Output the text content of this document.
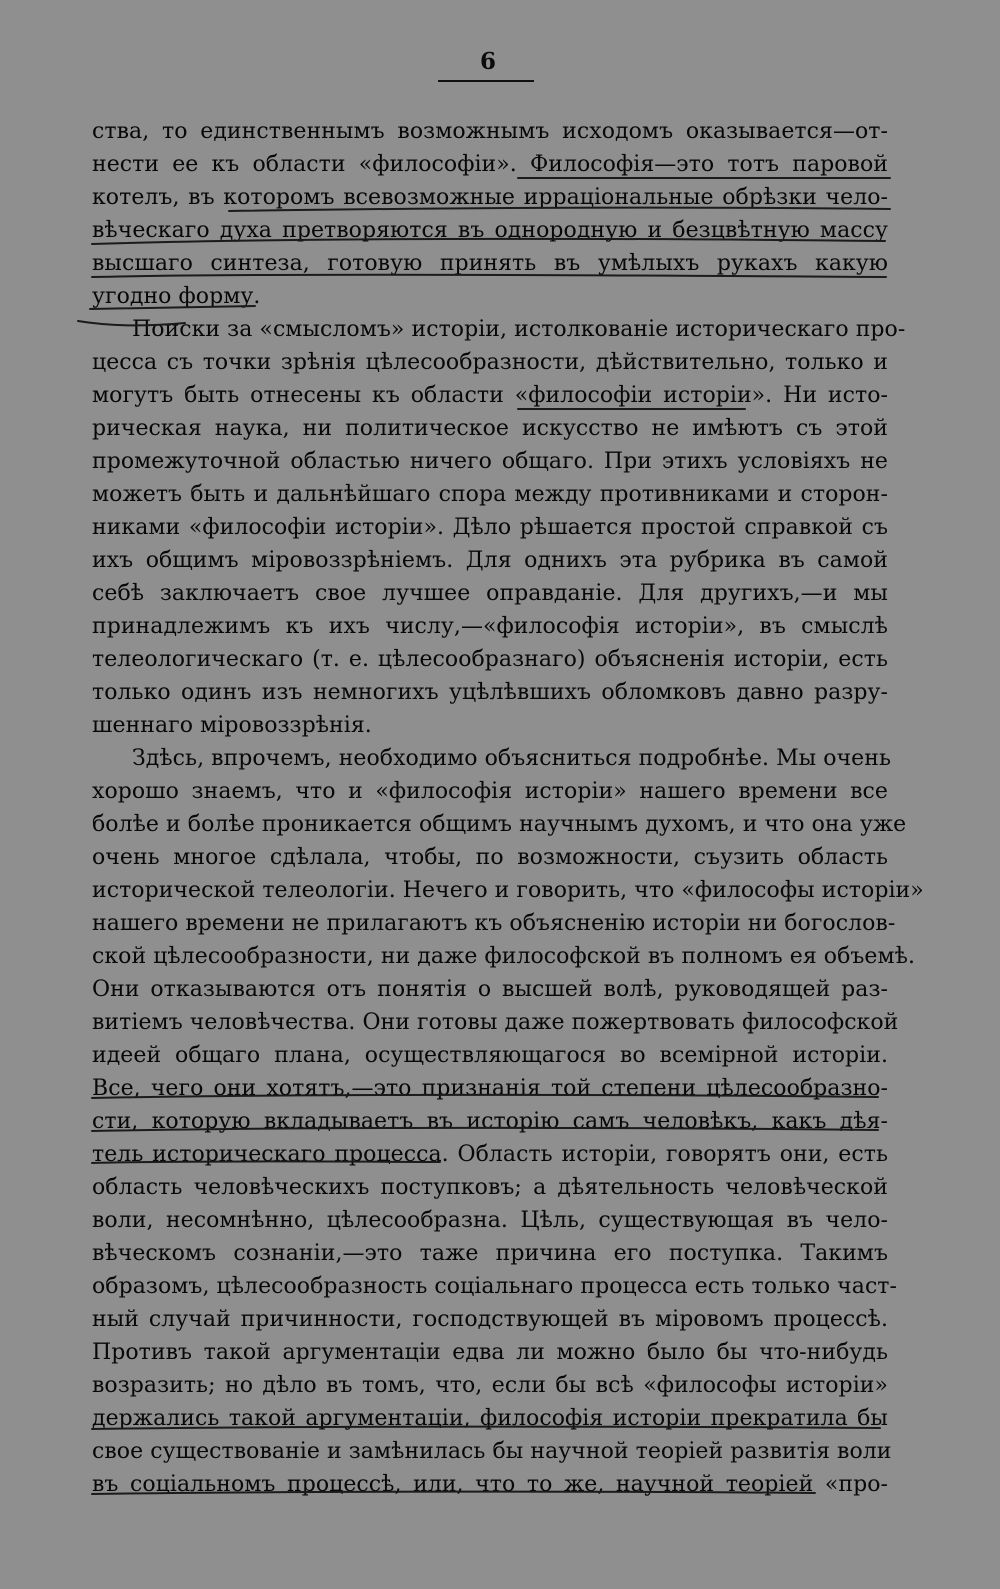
6
ства, то единственнымъ возможнымъ исходомъ оказывается—от-
нести ее къ области «философіи». Философія—это тотъ паровой
котелъ, въ которомъ всевозможные ирраціональные обрѣзки чело-
вѣческаго духа претворяются въ однородную и безцвѣтную массу
высшаго синтеза, готовую принять въ умѣлыхъ рукахъ какую
угодно форму.
Поиски за «смысломъ» исторіи, истолкованіе историческаго про-
цесса съ точки зрѣнія цѣлесообразности, дѣйствительно, только и
могутъ быть отнесены къ области «философіи исторіи». Ни исто-
рическая наука, ни политическое искусство не имѣютъ съ этой
промежуточной областью ничего общаго. При этихъ условіяхъ не
можетъ быть и дальнѣйшаго спора между противниками и сторон-
никами «философіи исторіи». Дѣло рѣшается простой справкой съ
ихъ общимъ міровоззрѣніемъ. Для однихъ эта рубрика въ самой
себѣ заключаетъ свое лучшее оправданіе. Для другихъ,—и мы
принадлежимъ къ ихъ числу,—«философія исторіи», въ смыслѣ
телеологическаго (т. е. цѣлесообразнаго) объясненія исторіи, есть
только одинъ изъ немногихъ уцѣлѣвшихъ обломковъ давно разру-
шеннаго міровоззрѣнія.
Здѣсь, впрочемъ, необходимо объясниться подробнѣе. Мы очень
хорошо знаемъ, что и «философія исторіи» нашего времени все
болѣе и болѣе проникается общимъ научнымъ духомъ, и что она уже
очень многое сдѣлала, чтобы, по возможности, съузить область
исторической телеологіи. Нечего и говорить, что «философы исторіи»
нашего времени не прилагаютъ къ объясненію исторіи ни богослов-
ской цѣлесообразности, ни даже философской въ полномъ ея объемѣ.
Они отказываются отъ понятія о высшей волѣ, руководящей раз-
витіемъ человѣчества. Они готовы даже пожертвовать философской
идеей общаго плана, осуществляющагося во всемірной исторіи.
Все, чего они хотятъ,—это признанія той степени цѣлесообразно-
сти, которую вкладываетъ въ исторію самъ человѣкъ, какъ дѣя-
тель историческаго процесса. Область исторіи, говорятъ они, есть
область человѣческихъ поступковъ; а дѣятельность человѣческой
воли, несомнѣнно, цѣлесообразна. Цѣль, существующая въ чело-
вѣческомъ сознаніи,—это таже причина его поступка. Такимъ
образомъ, цѣлесообразность соціальнаго процесса есть только част-
ный случай причинности, господствующей въ міровомъ процессѣ.
Противъ такой аргументаціи едва ли можно было бы что-нибудь
возразить; но дѣло въ томъ, что, если бы всѣ «философы исторіи»
держались такой аргументаціи, философія исторіи прекратила бы
свое существованіе и замѣнилась бы научной теоріей развитія воли
въ соціальномъ процессѣ, или, что то же, научной теоріей «про-
